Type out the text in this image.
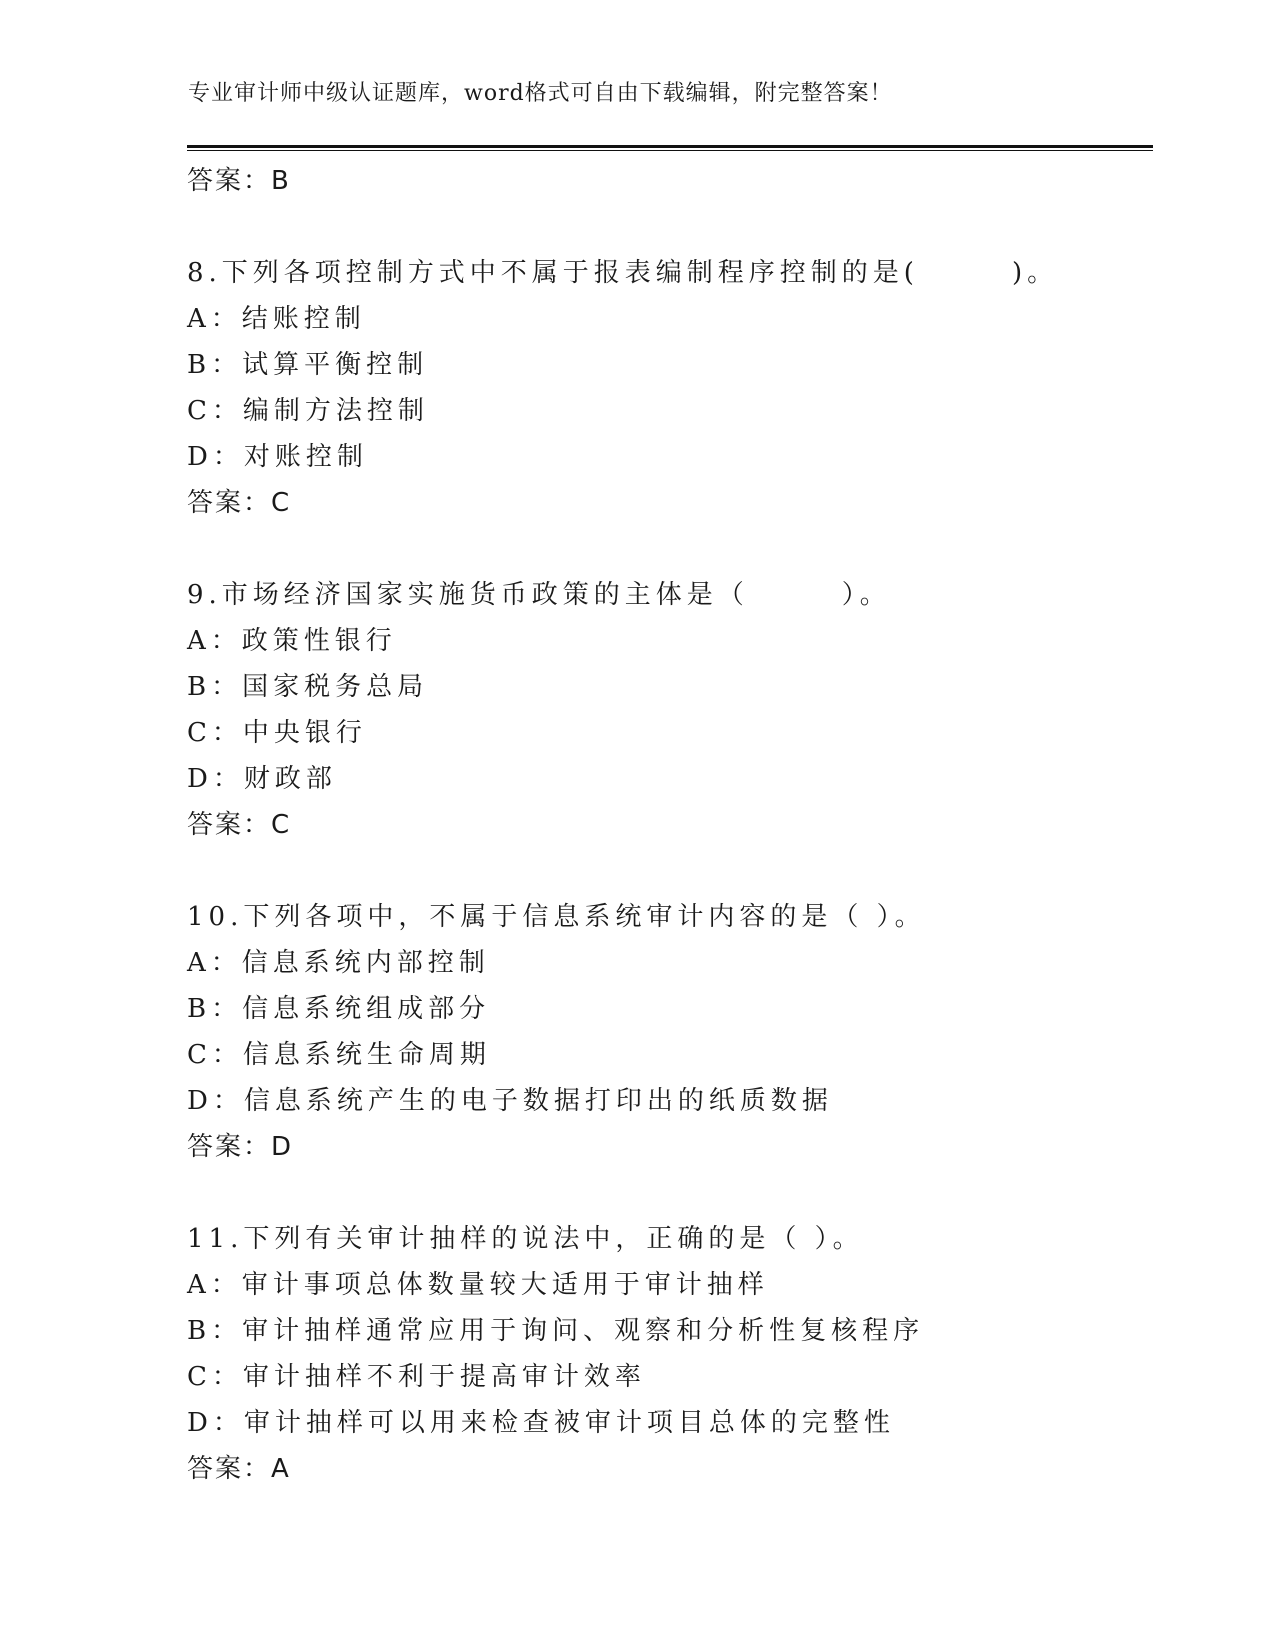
专业审计师中级认证题库，word格式可自由下载编辑，附完整答案！
答案：B
8.下列各项控制方式中不属于报表编制程序控制的是(　　　)。
A：结账控制
B：试算平衡控制
C：编制方法控制
D：对账控制
答案：C
9.市场经济国家实施货币政策的主体是（　　　）。
A：政策性银行
B：国家税务总局
C：中央银行
D：财政部
答案：C
10.下列各项中，不属于信息系统审计内容的是（ ）。
A：信息系统内部控制
B：信息系统组成部分
C：信息系统生命周期
D：信息系统产生的电子数据打印出的纸质数据
答案：D
11.下列有关审计抽样的说法中，正确的是（ ）。
A：审计事项总体数量较大适用于审计抽样
B：审计抽样通常应用于询问、观察和分析性复核程序
C：审计抽样不利于提高审计效率
D：审计抽样可以用来检查被审计项目总体的完整性
答案：A
